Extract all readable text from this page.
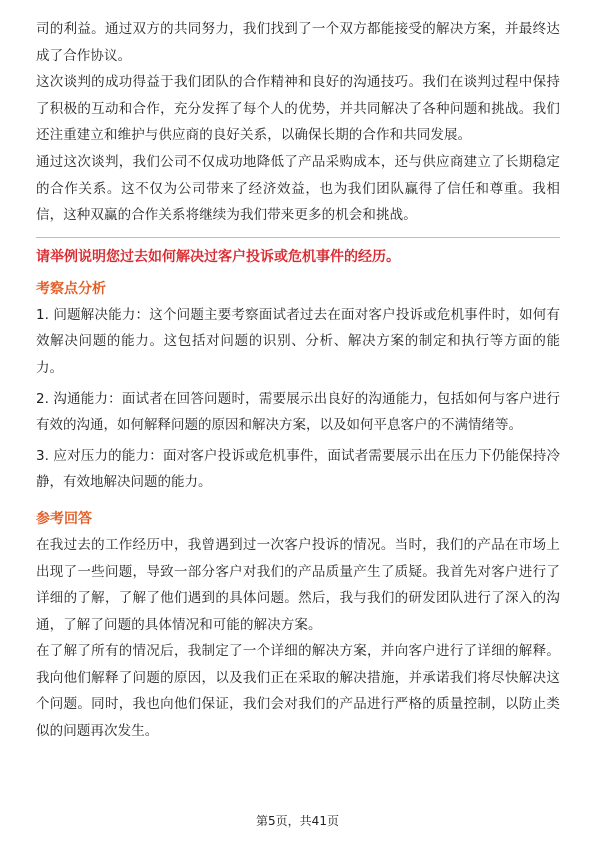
司的利益。通过双方的共同努力，我们找到了一个双方都能接受的解决方案，并最终达成了合作协议。

这次谈判的成功得益于我们团队的合作精神和良好的沟通技巧。我们在谈判过程中保持了积极的互动和合作，充分发挥了每个人的优势，并共同解决了各种问题和挑战。我们还注重建立和维护与供应商的良好关系，以确保长期的合作和共同发展。

通过这次谈判，我们公司不仅成功地降低了产品采购成本，还与供应商建立了长期稳定的合作关系。这不仅为公司带来了经济效益，也为我们团队赢得了信任和尊重。我相信，这种双赢的合作关系将继续为我们带来更多的机会和挑战。

请举例说明您过去如何解决过客户投诉或危机事件的经历。

考察点分析

1. 问题解决能力：这个问题主要考察面试者过去在面对客户投诉或危机事件时，如何有效解决问题的能力。这包括对问题的识别、分析、解决方案的制定和执行等方面的能力。

2. 沟通能力：面试者在回答问题时，需要展示出良好的沟通能力，包括如何与客户进行有效的沟通，如何解释问题的原因和解决方案，以及如何平息客户的不满情绪等。

3. 应对压力的能力：面对客户投诉或危机事件，面试者需要展示出在压力下仍能保持冷静，有效地解决问题的能力。

参考回答

在我过去的工作经历中，我曾遇到过一次客户投诉的情况。当时，我们的产品在市场上出现了一些问题，导致一部分客户对我们的产品质量产生了质疑。我首先对客户进行了详细的了解，了解了他们遇到的具体问题。然后，我与我们的研发团队进行了深入的沟通，了解了问题的具体情况和可能的解决方案。

在了解了所有的情况后，我制定了一个详细的解决方案，并向客户进行了详细的解释。我向他们解释了问题的原因，以及我们正在采取的解决措施，并承诺我们将尽快解决这个问题。同时，我也向他们保证，我们会对我们的产品进行严格的质量控制，以防止类似的问题再次发生。

第5页，共41页
